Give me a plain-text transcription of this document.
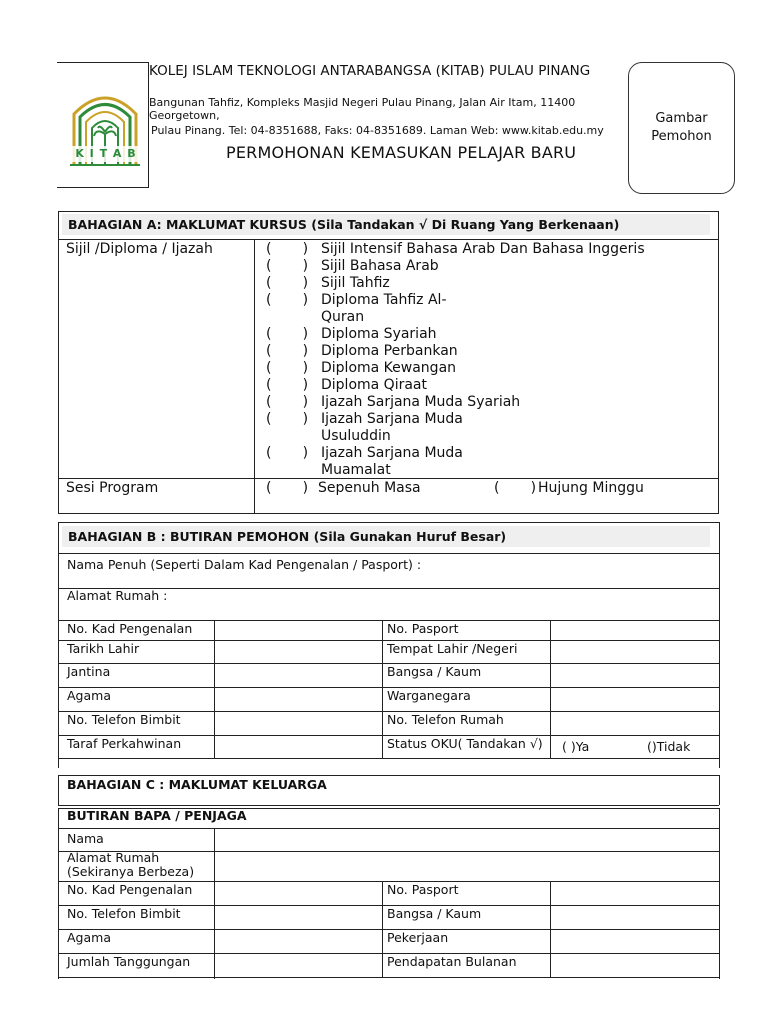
K I T A B
KOLEJ ISLAM TEKNOLOGI ANTARABANGSA (KITAB) PULAU PINANG
Bangunan Tahfiz, Kompleks Masjid Negeri Pulau Pinang, Jalan Air Itam, 11400 Georgetown,
Pulau Pinang. Tel: 04-8351688, Faks: 04-8351689. Laman Web: www.kitab.edu.my
PERMOHONAN KEMASUKAN PELAJAR BARU
Gambar
Pemohon
BAHAGIAN A: MAKLUMAT KURSUS (Sila Tandakan √ Di Ruang Yang Berkenaan)
Sijil /Diploma / Ijazah	(       ) Sijil Intensif Bahasa Arab Dan Bahasa Inggeris
(       ) Sijil Bahasa Arab
(       ) Sijil Tahfiz
(       ) Diploma Tahfiz Al-
Quran
(       ) Diploma Syariah
(       ) Diploma Perbankan
(       ) Diploma Kewangan
(       ) Diploma Qiraat
(       ) Ijazah Sarjana Muda Syariah
(       ) Ijazah Sarjana Muda
Usuluddin
(       ) Ijazah Sarjana Muda
Muamalat
Sesi Program	(       ) Sepenuh Masa	(       ) Hujung Minggu
BAHAGIAN B : BUTIRAN PEMOHON (Sila Gunakan Huruf Besar)
Nama Penuh (Seperti Dalam Kad Pengenalan / Pasport) :
Alamat Rumah :
No. Kad Pengenalan	No. Pasport
Tarikh Lahir	Tempat Lahir /Negeri
Jantina	Bangsa / Kaum
Agama	Warganegara
No. Telefon Bimbit	No. Telefon Rumah
Taraf Perkahwinan	Status OKU( Tandakan √) ( )Ya	()Tidak
BAHAGIAN C : MAKLUMAT KELUARGA
BUTIRAN BAPA / PENJAGA
Nama
Alamat Rumah
(Sekiranya Berbeza)
No. Kad Pengenalan	No. Pasport
No. Telefon Bimbit	Bangsa / Kaum
Agama	Pekerjaan
Jumlah Tanggungan	Pendapatan Bulanan
